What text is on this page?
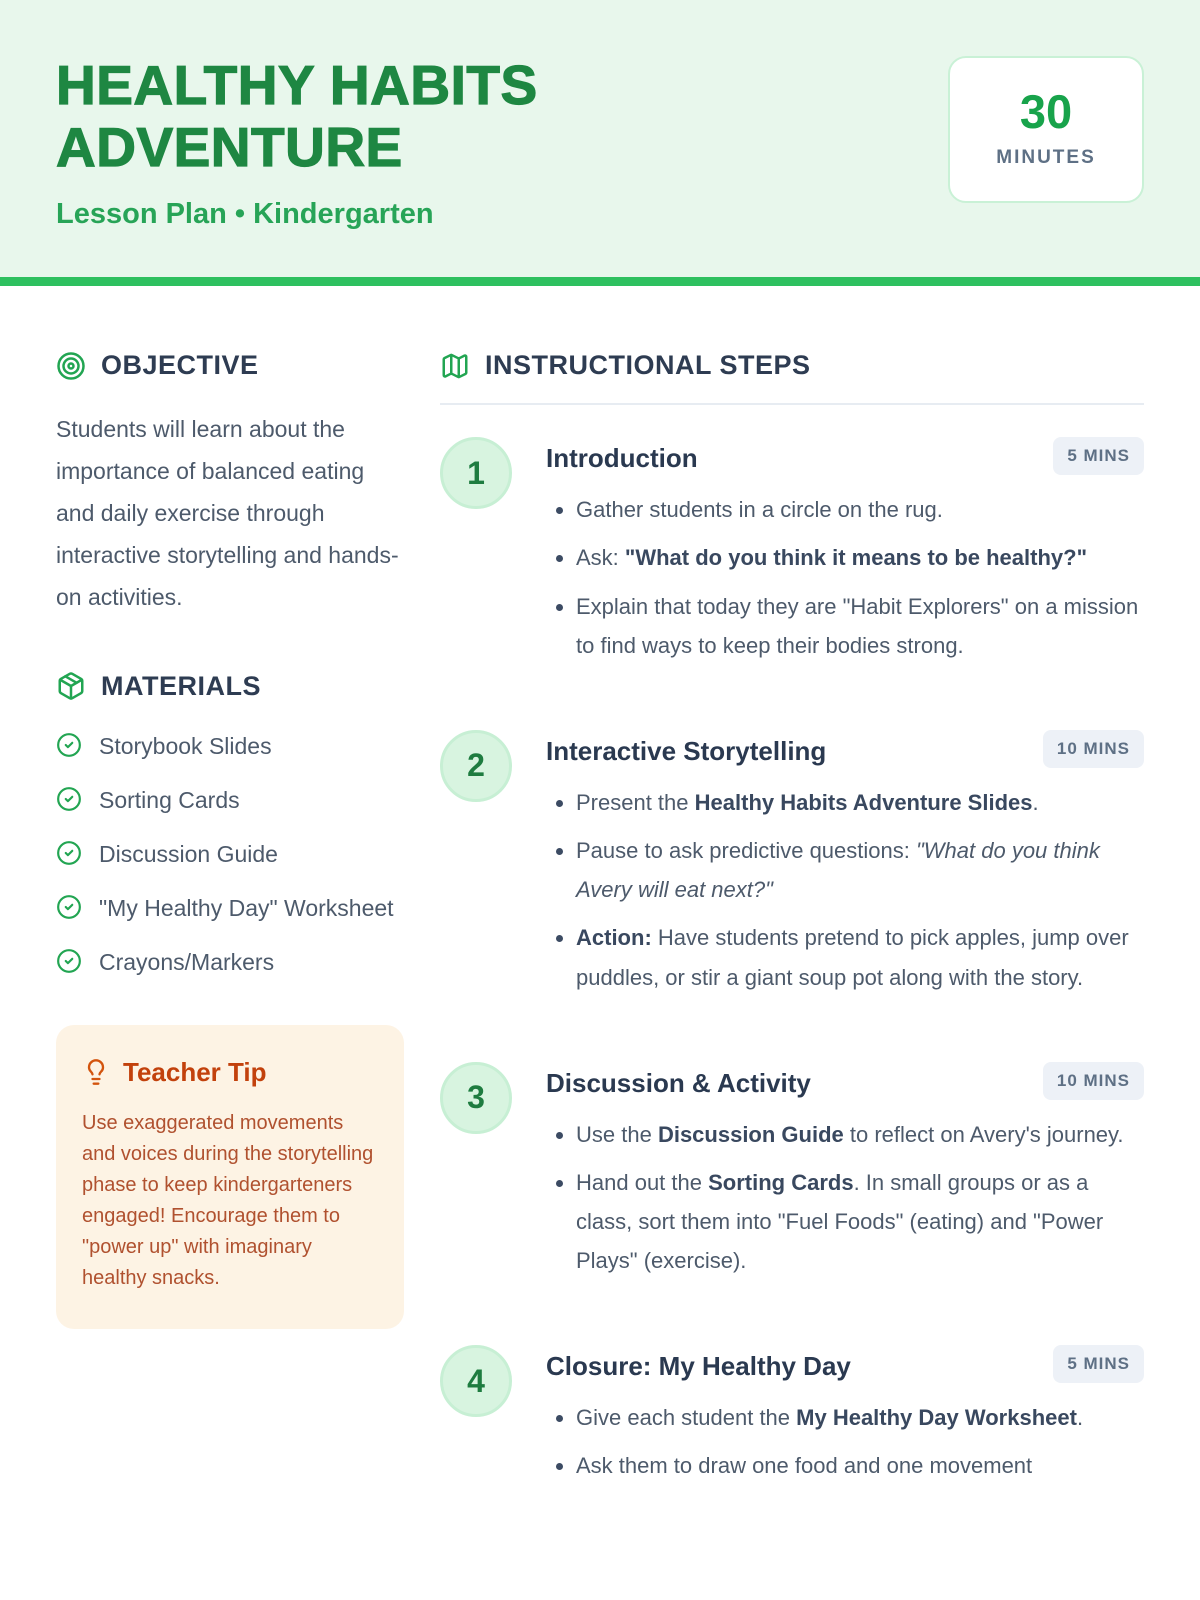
HEALTHY HABITS ADVENTURE

Lesson Plan • Kindergarten

30
MINUTES
OBJECTIVE

Students will learn about the importance of balanced eating and daily exercise through interactive storytelling and hands-on activities.

MATERIALS
Storybook Slides
Sorting Cards
Discussion Guide
"My Healthy Day" Worksheet
Crayons/Markers
Teacher Tip

Use exaggerated movements and voices during the storytelling phase to keep kindergarteners engaged! Encourage them to "power up" with imaginary healthy snacks.

INSTRUCTIONAL STEPS
1	Introduction	5 MINS
• Gather students in a circle on the rug.
• Ask: "What do you think it means to be healthy?"
• Explain that today they are "Habit Explorers" on a mission to find ways to keep their bodies strong.
2	Interactive Storytelling	10 MINS
• Present the Healthy Habits Adventure Slides.
• Pause to ask predictive questions: "What do you think Avery will eat next?"
• Action: Have students pretend to pick apples, jump over puddles, or stir a giant soup pot along with the story.
3	Discussion & Activity	10 MINS
• Use the Discussion Guide to reflect on Avery's journey.
• Hand out the Sorting Cards. In small groups or as a class, sort them into "Fuel Foods" (eating) and "Power Plays" (exercise).
4	Closure: My Healthy Day	5 MINS
• Give each student the My Healthy Day Worksheet.
• Ask them to draw one food and one movement
